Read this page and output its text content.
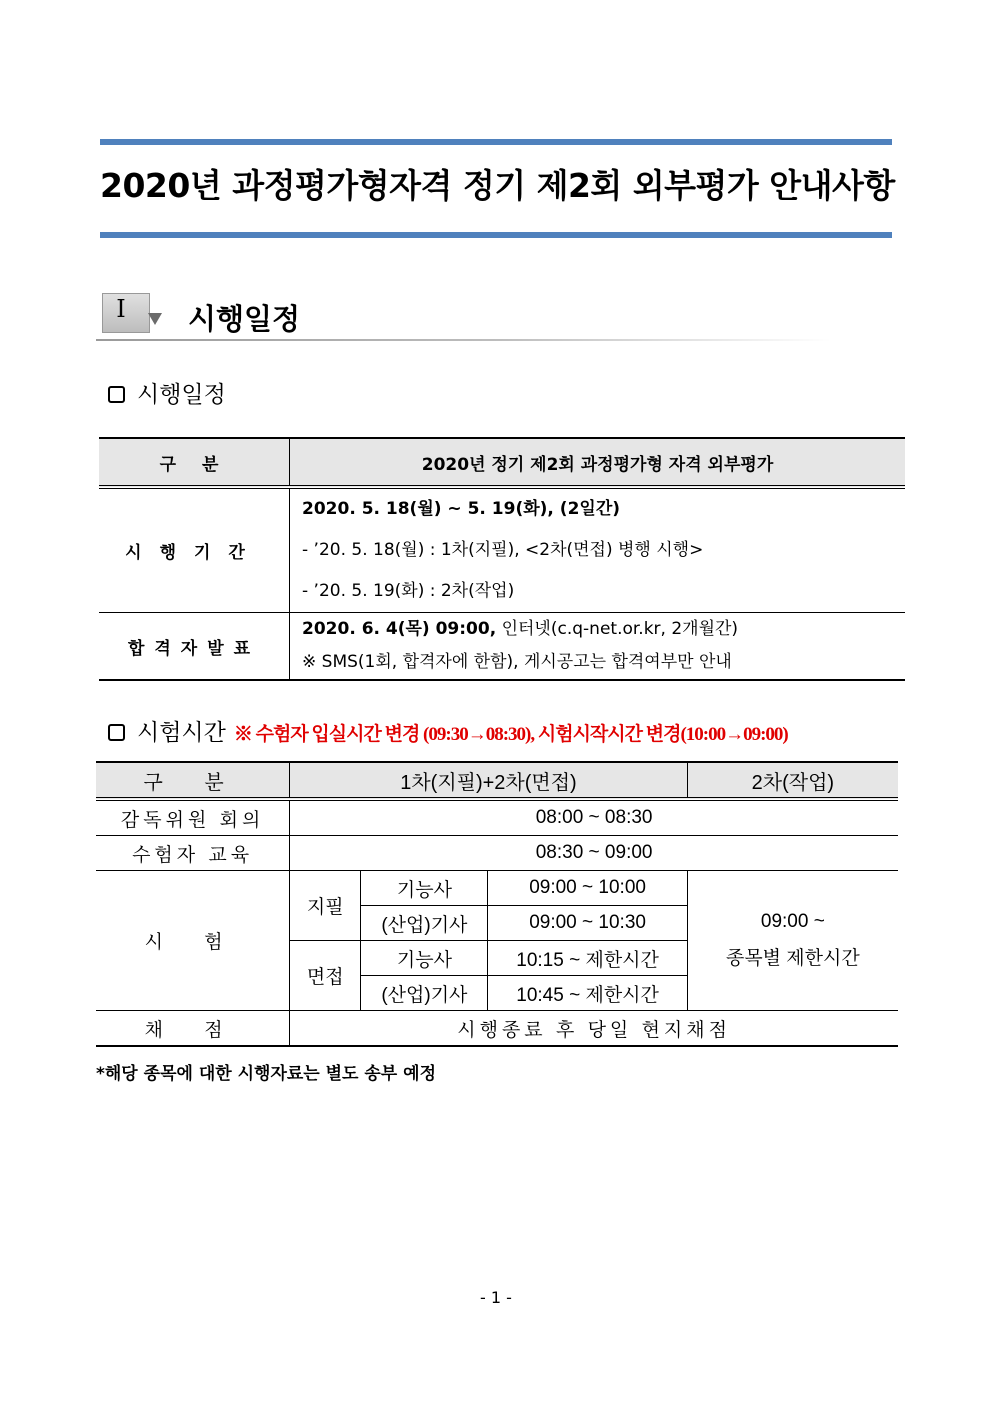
2020년 과정평가형자격 정기 제2회 외부평가 안내사항
Ⅰ	시행일정
시행일정
구 분	2020년 정기 제2회 과정평가형 자격 외부평가
시행기간	2020. 5. 18(월) ~ 5. 19(화), (2일간)
- ’20. 5. 18(월) : 1차(지필), <2차(면접) 병행 시행>
- ’20. 5. 19(화) : 2차(작업)

합격자발표	2020. 6. 4(목) 09:00, 인터넷(c.q-net.or.kr, 2개월간)
※ SMS(1회, 합격자에 한함), 게시공고는 합격여부만 안내
시험시간 ※ 수험자 입실시간 변경 (09:30→08:30), 시험시작시간 변경(10:00→09:00)
구 분	1차(지필)+2차(면접)			2차(작업)
감독위원 회의	08:00 ~ 08:30			
수험자 교육	08:30 ~ 09:00			
시 험	지필	기능사	09:00 ~ 10:00	09:00 ~
종목별 제한시간

		(산업)기사	09:00 ~ 10:30	
	면접	기능사	10:15 ~ 제한시간	
		(산업)기사	10:45 ~ 제한시간	
채 점	시행종료 후 당일 현지채점			
*해당 종목에 대한 시행자료는 별도 송부 예정
- 1 -
